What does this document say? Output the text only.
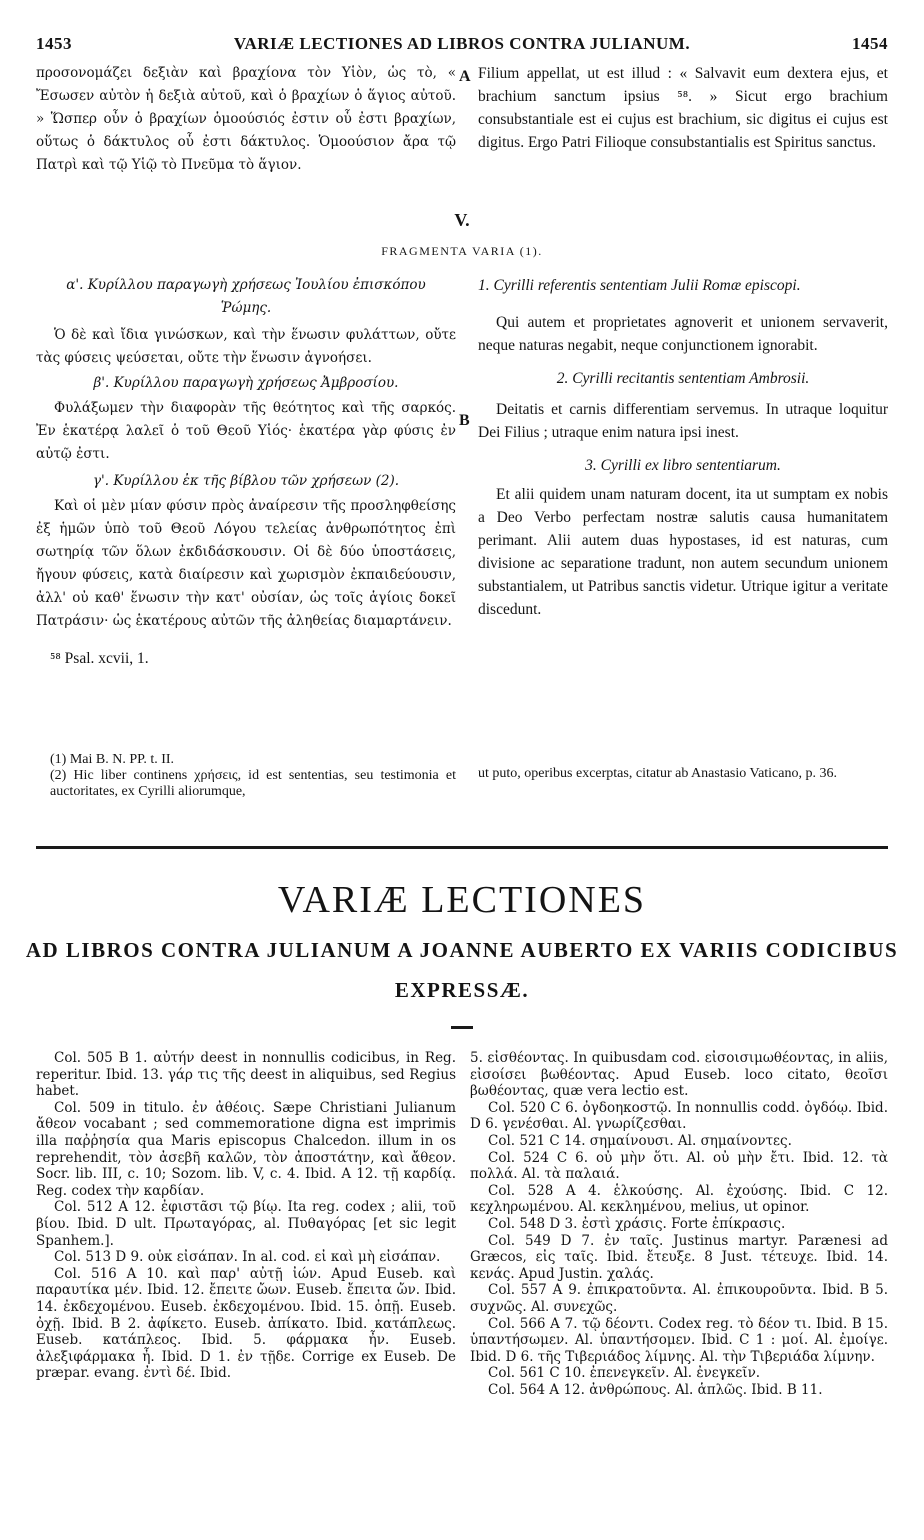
1453	VARIÆ LECTIONES AD LIBROS CONTRA JULIANUM.	1454

προσονομάζει δεξιὰν καὶ βραχίονα τὸν Υἱὸν, ὡς τὸ, « Ἔσωσεν αὐτὸν ἡ δεξιὰ αὐτοῦ, καὶ ὁ βραχίων ὁ ἅγιος αὐτοῦ. » Ὥσπερ οὖν ὁ βραχίων ὁμοούσιός ἐστιν οὗ ἐστι βραχίων, οὕτως ὁ δάκτυλος οὗ ἐστι δάκτυλος. Ὁμοούσιον ἄρα τῷ Πατρὶ καὶ τῷ Υἱῷ τὸ Πνεῦμα τὸ ἅγιον.

A Filium appellat, ut est illud : « Salvavit eum dextera ejus, et brachium sanctum ipsius ⁵⁸. » Sicut ergo brachium consubstantiale est ei cujus est brachium, sic digitus ei cujus est digitus. Ergo Patri Filioque consubstantialis est Spiritus sanctus.

V.
FRAGMENTA VARIA (1).

α'. Κυρίλλου παραγωγὴ χρήσεως Ἰουλίου ἐπισκόπου Ῥώμης.

Ὁ δὲ καὶ ἴδια γινώσκων, καὶ τὴν ἕνωσιν φυλάττων, οὔτε τὰς φύσεις ψεύσεται, οὔτε τὴν ἕνωσιν ἀγνοήσει.

β'. Κυρίλλου παραγωγὴ χρήσεως Ἀμβροσίου.

Φυλάξωμεν τὴν διαφορὰν τῆς θεότητος καὶ τῆς σαρκός. Ἐν ἑκατέρᾳ λαλεῖ ὁ τοῦ Θεοῦ Υἱός· ἑκατέρα γὰρ φύσις ἐν αὐτῷ ἐστι.

γ'. Κυρίλλου ἐκ τῆς βίβλου τῶν χρήσεων (2).

Καὶ οἱ μὲν μίαν φύσιν πρὸς ἀναίρεσιν τῆς προσληφθείσης ἐξ ἡμῶν ὑπὸ τοῦ Θεοῦ Λόγου τελείας ἀνθρωπότητος ἐπὶ σωτηρίᾳ τῶν ὅλων ἐκδιδάσκουσιν. Οἱ δὲ δύο ὑποστάσεις, ἤγουν φύσεις, κατὰ διαίρεσιν καὶ χωρισμὸν ἐκπαιδεύουσιν, ἀλλ' οὐ καθ' ἕνωσιν τὴν κατ' οὐσίαν, ὡς τοῖς ἁγίοις δοκεῖ Πατράσιν· ὡς ἑκατέρους αὐτῶν τῆς ἀληθείας διαμαρτάνειν.

⁵⁸ Psal. xcvii, 1.

B

1. Cyrilli referentis sententiam Julii Romæ episcopi.

Qui autem et proprietates agnoverit et unionem servaverit, neque naturas negabit, neque conjunctionem ignorabit.

2. Cyrilli recitantis sententiam Ambrosii.

Deitatis et carnis differentiam servemus. In utraque loquitur Dei Filius ; utraque enim natura ipsi inest.

3. Cyrilli ex libro sententiarum.

Et alii quidem unam naturam docent, ita ut sumptam ex nobis a Deo Verbo perfectam nostræ salutis causa humanitatem perimant. Alii autem duas hypostases, id est naturas, cum divisione ac separatione tradunt, non autem secundum unionem substantialem, ut Patribus sanctis videtur. Utrique igitur a veritate discedunt.

(1) Mai B. N. PP. t. II.
(2) Hic liber continens χρήσεις, id est sententias, seu testimonia et auctoritates, ex Cyrilli aliorumque,
ut puto, operibus excerptas, citatur ab Anastasio Vaticano, p. 36.
VARIÆ LECTIONES
AD LIBROS CONTRA JULIANUM A JOANNE AUBERTO EX VARIIS CODICIBUS
EXPRESSÆ.

Col. 505 B 1. αὐτήν deest in nonnullis codicibus, in Reg. reperitur. Ibid. 13. γάρ τις τῆς deest in aliquibus, sed Regius habet.

Col. 509 in titulo. ἐν ἀθέοις. Sæpe Christiani Julianum ἄθεον vocabant ; sed commemoratione digna est imprimis illa παῤῥησία qua Maris episcopus Chalcedon. illum in os reprehendit, τὸν ἀσεβῆ καλῶν, τὸν ἀποστάτην, καὶ ἄθεον. Socr. lib. III, c. 10; Sozom. lib. V, c. 4. Ibid. A 12. τῇ καρδίᾳ. Reg. codex τὴν καρδίαν.

Col. 512 A 12. ἐφιστᾶσι τῷ βίῳ. Ita reg. codex ; alii, τοῦ βίου. Ibid. D ult. Πρωταγόρας, al. Πυθαγόρας [et sic legit Spanhem.].

Col. 513 D 9. οὐκ εἰσάπαν. In al. cod. εἰ καὶ μὴ εἰσάπαν.

Col. 516 A 10. καὶ παρ' αὐτῇ ἰών. Apud Euseb. καὶ παραυτίκα μέν. Ibid. 12. ἔπειτε ὤων. Euseb. ἔπειτα ὤν. Ibid. 14. ἐκδεχομένου. Euseb. ἐκδεχομένου. Ibid. 15. ὀπῇ. Euseb. ὀχῇ. Ibid. B 2. ἀφίκετο. Euseb. ἀπίκατο. Ibid. κατάπλεως. Euseb. κατάπλεος. Ibid. 5. φάρμακα ἦν. Euseb. ἀλεξιφάρμακα ἦ. Ibid. D 1. ἐν τῇδε. Corrige ex Euseb. De præpar. evang. ἐντὶ δέ. Ibid.

5. εἰσθέοντας. In quibusdam cod. εἰσοισιμωθέοντας, in aliis, εἰσοίσει βωθέοντας. Apud Euseb. loco citato, θεοῖσι βωθέοντας, quæ vera lectio est.

Col. 520 C 6. ὀγδοηκοστῷ. In nonnullis codd. ὀγδόῳ. Ibid. D 6. γενέσθαι. Al. γνωρίζεσθαι.

Col. 521 C 14. σημαίνουσι. Al. σημαίνοντες.

Col. 524 C 6. οὐ μὴν ὅτι. Al. οὐ μὴν ἔτι. Ibid. 12. τὰ πολλά. Al. τὰ παλαιά.

Col. 528 A 4. ἑλκούσης. Al. ἐχούσης. Ibid. C 12. κεχληρωμένου. Al. κεκλημένου, melius, ut opinor.

Col. 548 D 3. ἐστὶ χράσις. Forte ἐπίκρασις.

Col. 549 D 7. ἐν ταῖς. Justinus martyr. Parænesi ad Græcos, εἰς ταῖς. Ibid. ἔτευξε. 8 Just. τέτευχε. Ibid. 14. κενάς. Apud Justin. χαλάς.

Col. 557 A 9. ἐπικρατοῦντα. Al. ἐπικουροῦντα. Ibid. B 5. συχνῶς. Al. συνεχῶς.

Col. 566 A 7. τῷ δέοντι. Codex reg. τὸ δέον τι. Ibid. B 15. ὑπαντήσωμεν. Al. ὑπαντήσομεν. Ibid. C 1 : μοί. Al. ἐμοίγε. Ibid. D 6. τῆς Τιβεριάδος λίμνης. Al. τὴν Τιβεριάδα λίμνην.

Col. 561 C 10. ἐπενεγκεῖν. Al. ἐνεγκεῖν.

Col. 564 A 12. ἀνθρώπους. Al. ἁπλῶς. Ibid. B 11.
